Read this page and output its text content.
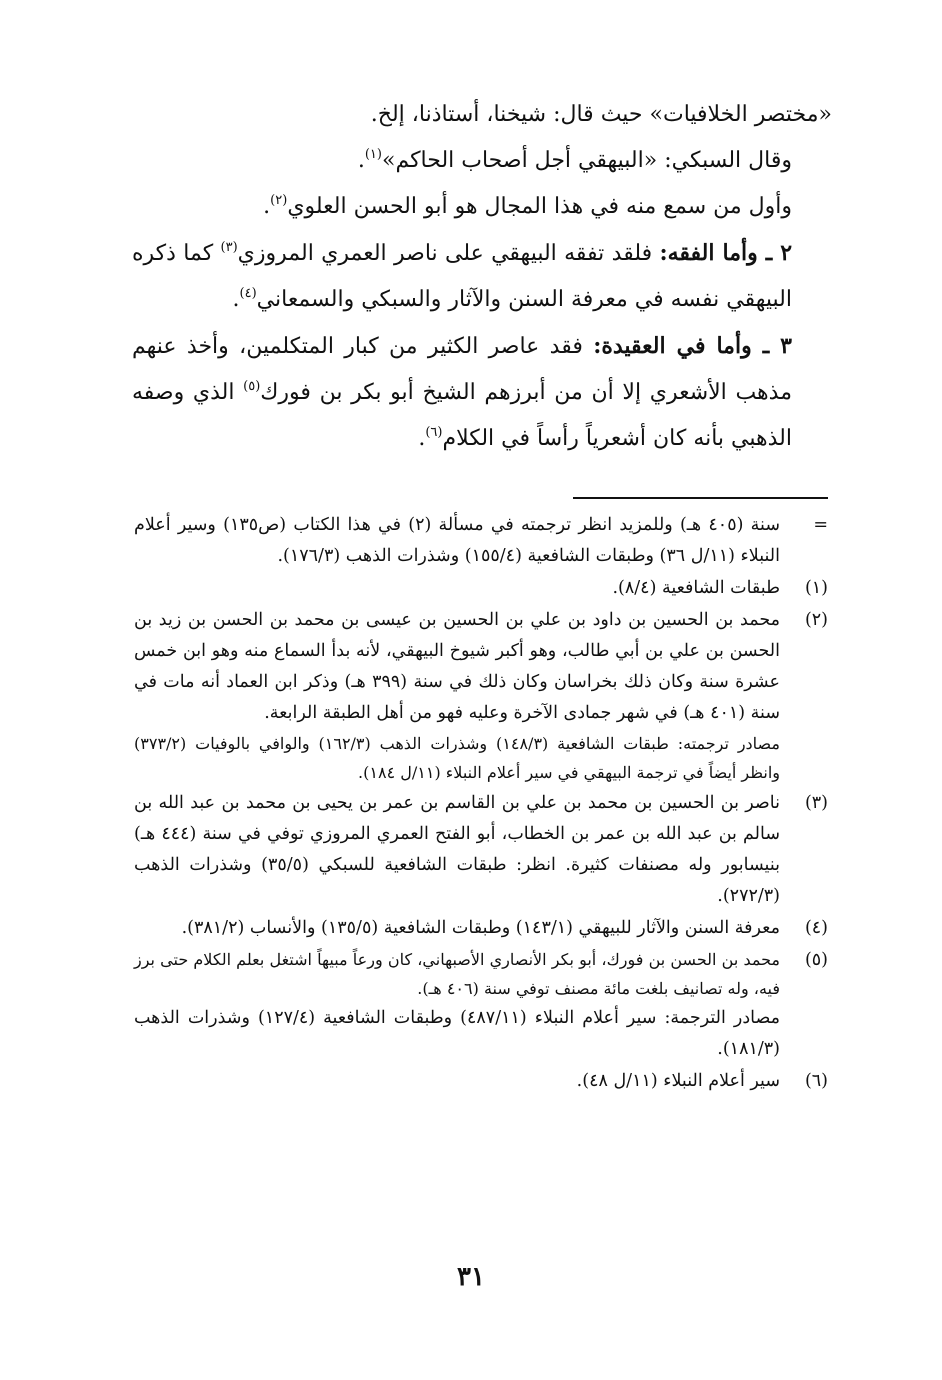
«مختصر الخلافيات» حيث قال: شيخنا، أستاذنا، إلخ.

وقال السبكي: «البيهقي أجل أصحاب الحاكم»$^{(١)}$.

وأول من سمع منه في هذا المجال هو أبو الحسن العلوي$^{(٢)}$.

٢ ـ وأما الفقه: فلقد تفقه البيهقي على ناصر العمري المروزي$^{(٣)}$ كما ذكره البيهقي نفسه في معرفة السنن والآثار والسبكي والسمعاني$^{(٤)}$.

٣ ـ وأما في العقيدة: فقد عاصر الكثير من كبار المتكلمين، وأخذ عنهم مذهب الأشعري إلا أن من أبرزهم الشيخ أبو بكر بن فورك$^{(٥)}$ الذي وصفه الذهبي بأنه كان أشعرياً رأساً في الكلام$^{(٦)}$.

=

سنة (٤٠٥ هـ) وللمزيد انظر ترجمته في مسألة (٢) في هذا الكتاب (ص١٣٥) وسير أعلام النبلاء (١١/ل ٣٦) وطبقات الشافعية (١٥٥/٤) وشذرات الذهب (١٧٦/٣).

(١)

طبقات الشافعية (٨/٤).

(٢)

محمد بن الحسين بن داود بن علي بن الحسين بن عيسى بن محمد بن الحسن بن زيد بن الحسن بن علي بن أبي طالب، وهو أكبر شيوخ البيهقي، لأنه بدأ السماع منه وهو ابن خمس عشرة سنة وكان ذلك بخراسان وكان ذلك في سنة (٣٩٩ هـ) وذكر ابن العماد أنه مات في سنة (٤٠١ هـ) في شهر جمادى الآخرة وعليه فهو من أهل الطبقة الرابعة.

مصادر ترجمته: طبقات الشافعية (١٤٨/٣) وشذرات الذهب (١٦٢/٣) والوافي بالوفيات (٣٧٣/٢) وانظر أيضاً في ترجمة البيهقي في سير أعلام النبلاء (١١/ل ١٨٤).

(٣)

ناصر بن الحسين بن محمد بن علي بن القاسم بن عمر بن يحيى بن محمد بن عبد الله بن سالم بن عبد الله بن عمر بن الخطاب، أبو الفتح العمري المروزي توفي في سنة (٤٤٤ هـ) بنيسابور وله مصنفات كثيرة. انظر: طبقات الشافعية للسبكي (٣٥/٥) وشذرات الذهب (٢٧٢/٣).

(٤)

معرفة السنن والآثار للبيهقي (١٤٣/١) وطبقات الشافعية (١٣٥/٥) والأنساب (٣٨١/٢).

(٥)

محمد بن الحسن بن فورك، أبو بكر الأنصاري الأصبهاني، كان ورعاً مبيهاً اشتغل بعلم الكلام حتى برز فيه، وله تصانيف بلغت مائة مصنف توفي سنة (٤٠٦ هـ).

مصادر الترجمة: سير أعلام النبلاء (٤٨٧/١١) وطبقات الشافعية (١٢٧/٤) وشذرات الذهب (١٨١/٣).

(٦)

سير أعلام النبلاء (١١/ل ٤٨).

٣١
